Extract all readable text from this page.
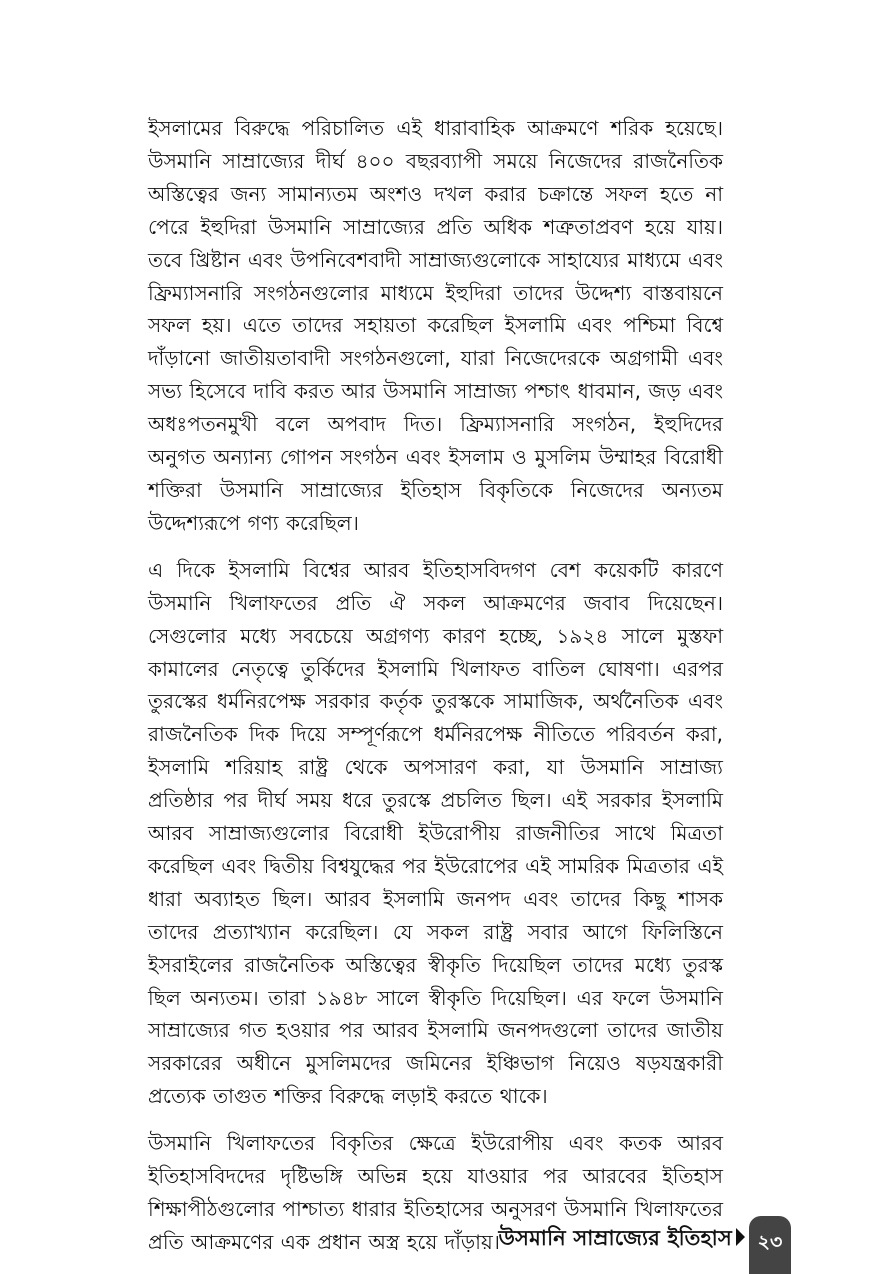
ইসলামের বিরুদ্ধে পরিচালিত এই ধারাবাহিক আক্রমণে শরিক হয়েছে। উসমানি সাম্রাজ্যের দীর্ঘ ৪০০ বছরব্যাপী সময়ে নিজেদের রাজনৈতিক অস্তিত্বের জন্য সামান্যতম অংশও দখল করার চক্রান্তে সফল হতে না পেরে ইহুদিরা উসমানি সাম্রাজ্যের প্রতি অধিক শত্রুতাপ্রবণ হয়ে যায়। তবে খ্রিষ্টান এবং উপনিবেশবাদী সাম্রাজ্যগুলোকে সাহায্যের মাধ্যমে এবং ফ্রিম্যাসনারি সংগঠনগুলোর মাধ্যমে ইহুদিরা তাদের উদ্দেশ্য বাস্তবায়নে সফল হয়। এতে তাদের সহায়তা করেছিল ইসলামি এবং পশ্চিমা বিশ্বে দাঁড়ানো জাতীয়তাবাদী সংগঠনগুলো, যারা নিজেদেরকে অগ্রগামী এবং সভ্য হিসেবে দাবি করত আর উসমানি সাম্রাজ্য পশ্চাৎ ধাবমান, জড় এবং অধঃপতনমুখী বলে অপবাদ দিত। ফ্রিম্যাসনারি সংগঠন, ইহুদিদের অনুগত অন্যান্য গোপন সংগঠন এবং ইসলাম ও মুসলিম উম্মাহর বিরোধী শক্তিরা উসমানি সাম্রাজ্যের ইতিহাস বিকৃতিকে নিজেদের অন্যতম উদ্দেশ্যরূপে গণ্য করেছিল।

এ দিকে ইসলামি বিশ্বের আরব ইতিহাসবিদগণ বেশ কয়েকটি কারণে উসমানি খিলাফতের প্রতি ঐ সকল আক্রমণের জবাব দিয়েছেন। সেগুলোর মধ্যে সবচেয়ে অগ্রগণ্য কারণ হচ্ছে, ১৯২৪ সালে মুস্তফা কামালের নেতৃত্বে তুর্কিদের ইসলামি খিলাফত বাতিল ঘোষণা। এরপর তুরস্কের ধর্মনিরপেক্ষ সরকার কর্তৃক তুরস্ককে সামাজিক, অর্থনৈতিক এবং রাজনৈতিক দিক দিয়ে সম্পূর্ণরূপে ধর্মনিরপেক্ষ নীতিতে পরিবর্তন করা, ইসলামি শরিয়াহ রাষ্ট্র থেকে অপসারণ করা, যা উসমানি সাম্রাজ্য প্রতিষ্ঠার পর দীর্ঘ সময় ধরে তুরস্কে প্রচলিত ছিল। এই সরকার ইসলামি আরব সাম্রাজ্যগুলোর বিরোধী ইউরোপীয় রাজনীতির সাথে মিত্রতা করেছিল এবং দ্বিতীয় বিশ্বযুদ্ধের পর ইউরোপের এই সামরিক মিত্রতার এই ধারা অব্যাহত ছিল। আরব ইসলামি জনপদ এবং তাদের কিছু শাসক তাদের প্রত্যাখ্যান করেছিল। যে সকল রাষ্ট্র সবার আগে ফিলিস্তিনে ইসরাইলের রাজনৈতিক অস্তিত্বের স্বীকৃতি দিয়েছিল তাদের মধ্যে তুরস্ক ছিল অন্যতম। তারা ১৯৪৮ সালে স্বীকৃতি দিয়েছিল। এর ফলে উসমানি সাম্রাজ্যের গত হওয়ার পর আরব ইসলামি জনপদগুলো তাদের জাতীয় সরকারের অধীনে মুসলিমদের জমিনের ইঞ্চিভাগ নিয়েও ষড়যন্ত্রকারী প্রত্যেক তাগুত শক্তির বিরুদ্ধে লড়াই করতে থাকে।

উসমানি খিলাফতের বিকৃতির ক্ষেত্রে ইউরোপীয় এবং কতক আরব ইতিহাসবিদদের দৃষ্টিভঙ্গি অভিন্ন হয়ে যাওয়ার পর আরবের ইতিহাস শিক্ষাপীঠগুলোর পাশ্চাত্য ধারার ইতিহাসের অনুসরণ উসমানি খিলাফতের প্রতি আক্রমণের এক প্রধান অস্ত্র হয়ে দাঁড়ায়।

উসমানি সাম্রাজ্যের ইতিহাস	২৩
